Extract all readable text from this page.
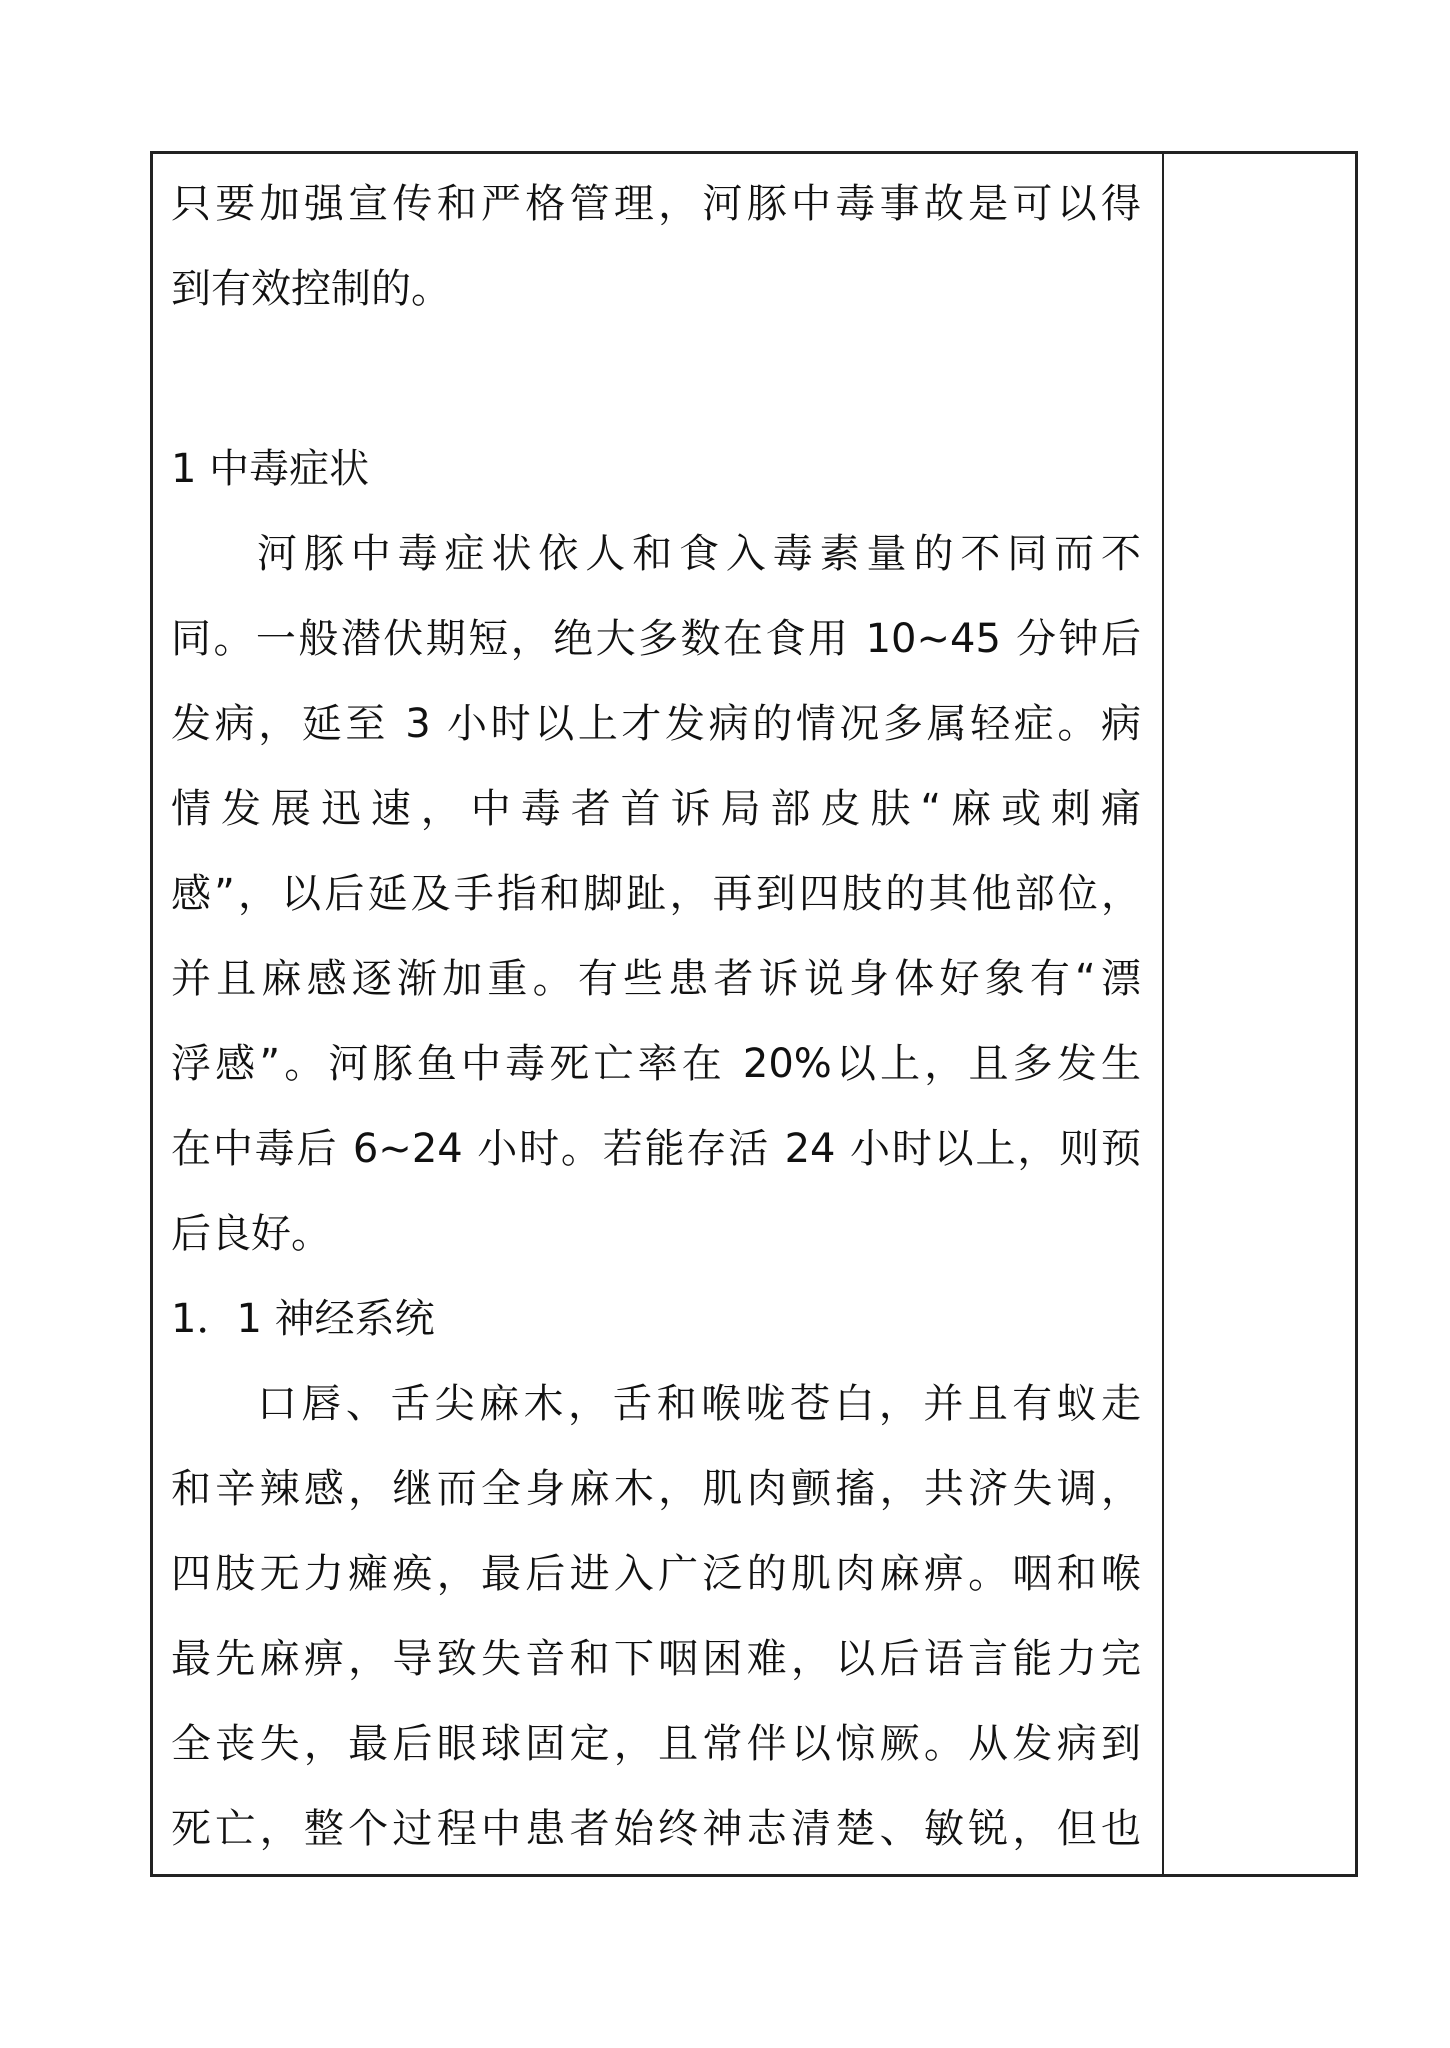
只要加强宣传和严格管理，河豚中毒事故是可以得
到有效控制的。
1 中毒症状
河豚中毒症状依人和食入毒素量的不同而不
同。一般潜伏期短，绝大多数在食用 10~45 分钟后
发病，延至 3 小时以上才发病的情况多属轻症。病
情发展迅速，中毒者首诉局部皮肤“麻或刺痛
感”，以后延及手指和脚趾，再到四肢的其他部位，
并且麻感逐渐加重。有些患者诉说身体好象有“漂
浮感”。河豚鱼中毒死亡率在 20%以上，且多发生
在中毒后 6~24 小时。若能存活 24 小时以上，则预
后良好。
1．1 神经系统
口唇、舌尖麻木，舌和喉咙苍白，并且有蚁走
和辛辣感，继而全身麻木，肌肉颤搐，共济失调，
四肢无力瘫痪，最后进入广泛的肌肉麻痹。咽和喉
最先麻痹，导致失音和下咽困难，以后语言能力完
全丧失，最后眼球固定，且常伴以惊厥。从发病到
死亡，整个过程中患者始终神志清楚、敏锐，但也
